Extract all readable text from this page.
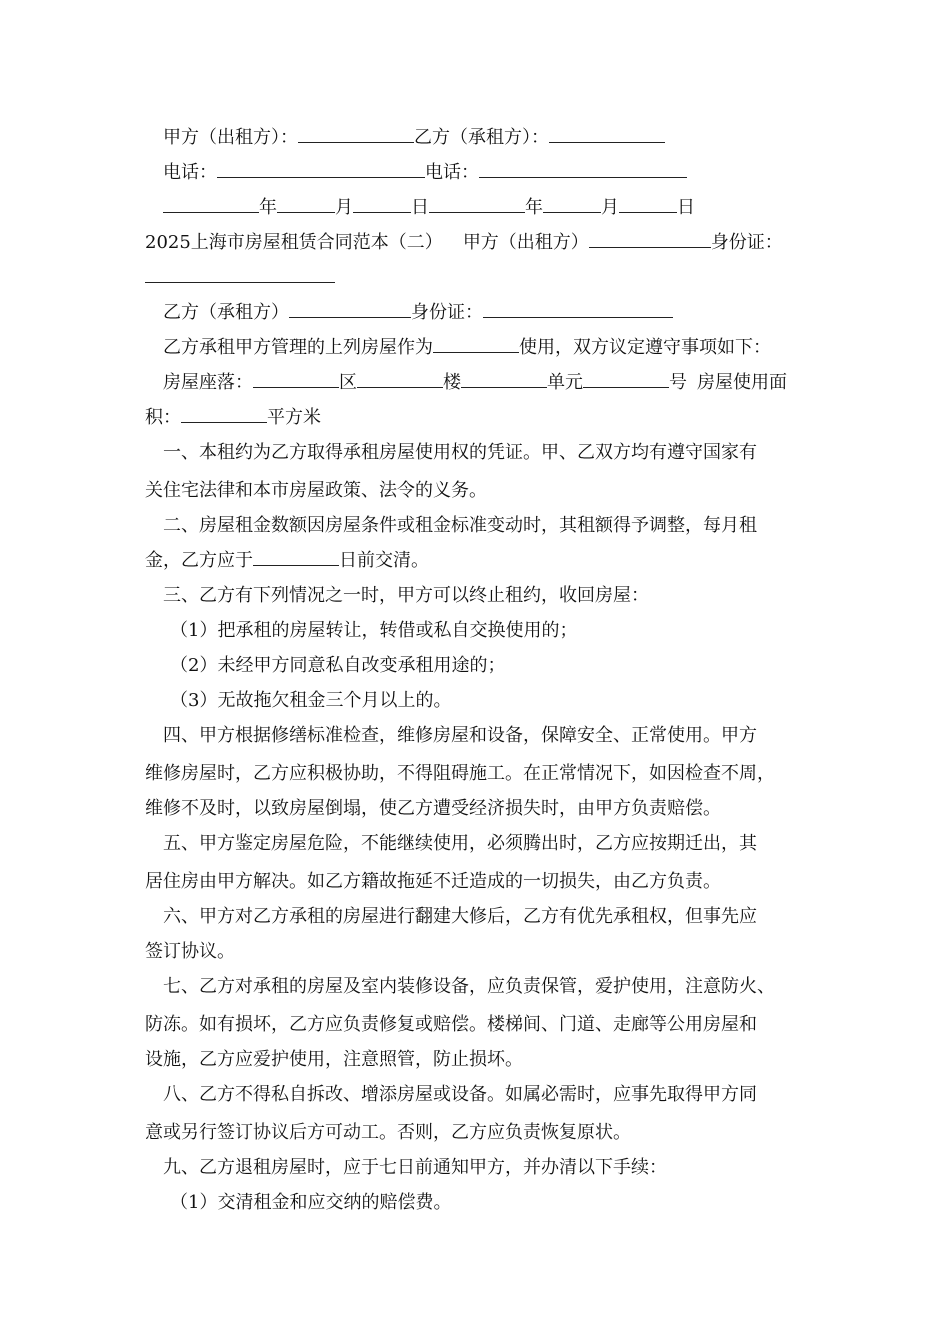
甲方（出租方）：	乙方（承租方）：
电话：	电话：
年	月	日	年	月	日
2025上海市房屋租赁合同范本（二） 甲方（出租方）	身份证：
乙方（承租方）	身份证：
乙方承租甲方管理的上列房屋作为	使用，双方议定遵守事项如下：
房屋座落：	区	楼	单元	号 房屋使用面
积：	平方米
一、本租约为乙方取得承租房屋使用权的凭证。甲、乙双方均有遵守国家有
关住宅法律和本市房屋政策、法令的义务。
二、房屋租金数额因房屋条件或租金标准变动时，其租额得予调整，每月租
金，乙方应于	日前交清。
三、乙方有下列情况之一时，甲方可以终止租约，收回房屋：
（1）把承租的房屋转让，转借或私自交换使用的；
（2）未经甲方同意私自改变承租用途的；
（3）无故拖欠租金三个月以上的。
四、甲方根据修缮标准检查，维修房屋和设备，保障安全、正常使用。甲方
维修房屋时，乙方应积极协助，不得阻碍施工。在正常情况下，如因检查不周，
维修不及时，以致房屋倒塌，使乙方遭受经济损失时，由甲方负责赔偿。
五、甲方鉴定房屋危险，不能继续使用，必须腾出时，乙方应按期迁出，其
居住房由甲方解决。如乙方籍故拖延不迁造成的一切损失，由乙方负责。
六、甲方对乙方承租的房屋进行翻建大修后，乙方有优先承租权，但事先应
签订协议。
七、乙方对承租的房屋及室内装修设备，应负责保管，爱护使用，注意防火、
防冻。如有损坏，乙方应负责修复或赔偿。楼梯间、门道、走廊等公用房屋和
设施，乙方应爱护使用，注意照管，防止损坏。
八、乙方不得私自拆改、增添房屋或设备。如属必需时，应事先取得甲方同
意或另行签订协议后方可动工。否则，乙方应负责恢复原状。
九、乙方退租房屋时，应于七日前通知甲方，并办清以下手续：
（1）交清租金和应交纳的赔偿费。
